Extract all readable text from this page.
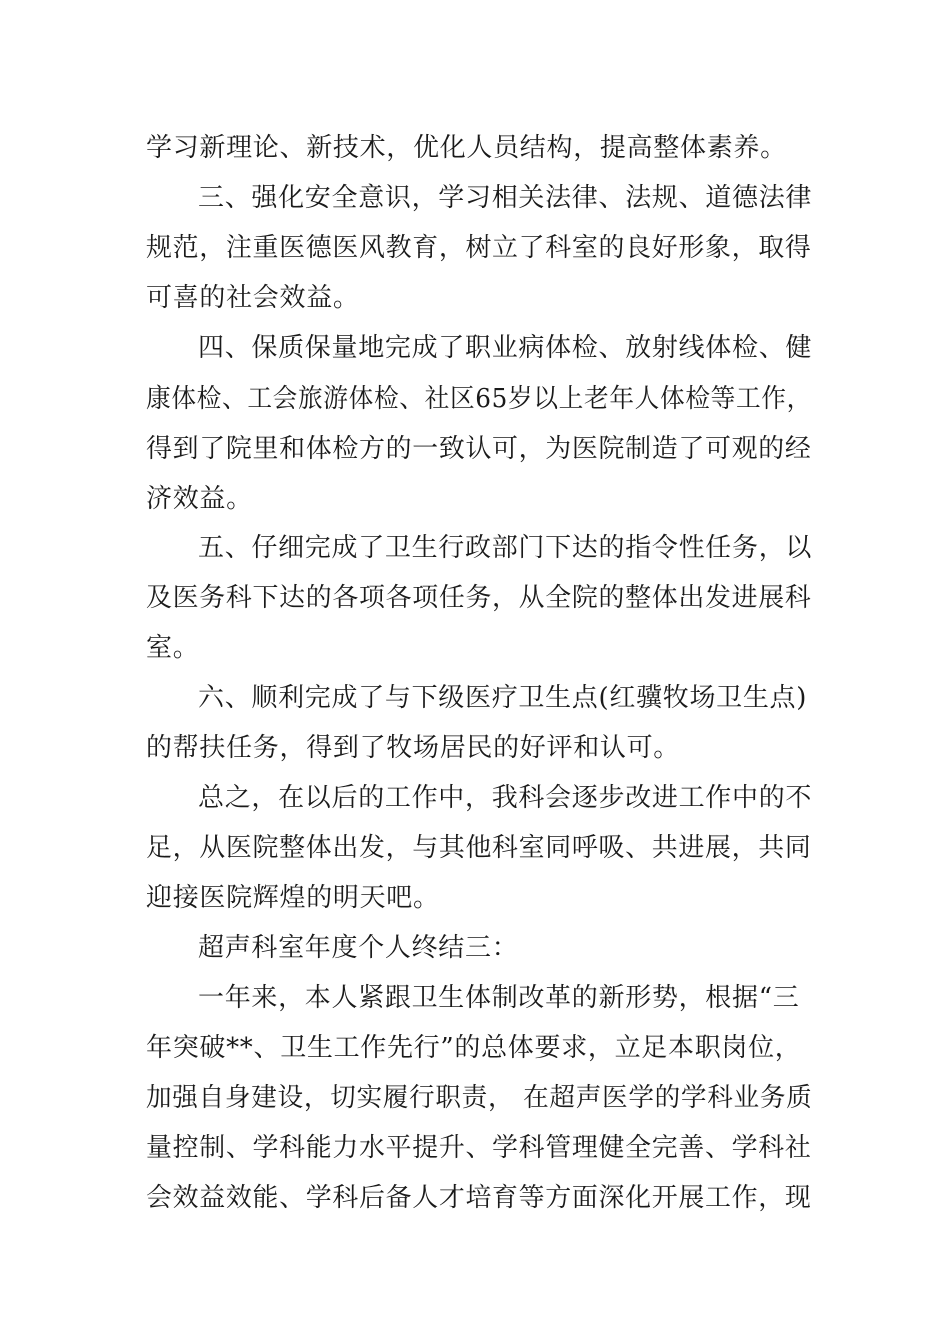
学习新理论、新技术，优化人员结构，提高整体素养。
三、强化安全意识，学习相关法律、法规、道德法律
规范，注重医德医风教育，树立了科室的良好形象，取得
可喜的社会效益。
四、保质保量地完成了职业病体检、放射线体检、健
康体检、工会旅游体检、社区65岁以上老年人体检等工作，
得到了院里和体检方的一致认可，为医院制造了可观的经
济效益。
五、仔细完成了卫生行政部门下达的指令性任务，以
及医务科下达的各项各项任务，从全院的整体出发进展科
室。
六、顺利完成了与下级医疗卫生点(红骥牧场卫生点)
的帮扶任务，得到了牧场居民的好评和认可。
总之，在以后的工作中，我科会逐步改进工作中的不
足，从医院整体出发，与其他科室同呼吸、共进展，共同
迎接医院辉煌的明天吧。
超声科室年度个人终结三：
一年来，本人紧跟卫生体制改革的新形势，根据“三
年突破**、卫生工作先行”的总体要求，立足本职岗位，
加强自身建设，切实履行职责， 在超声医学的学科业务质
量控制、学科能力水平提升、学科管理健全完善、学科社
会效益效能、学科后备人才培育等方面深化开展工作，现
